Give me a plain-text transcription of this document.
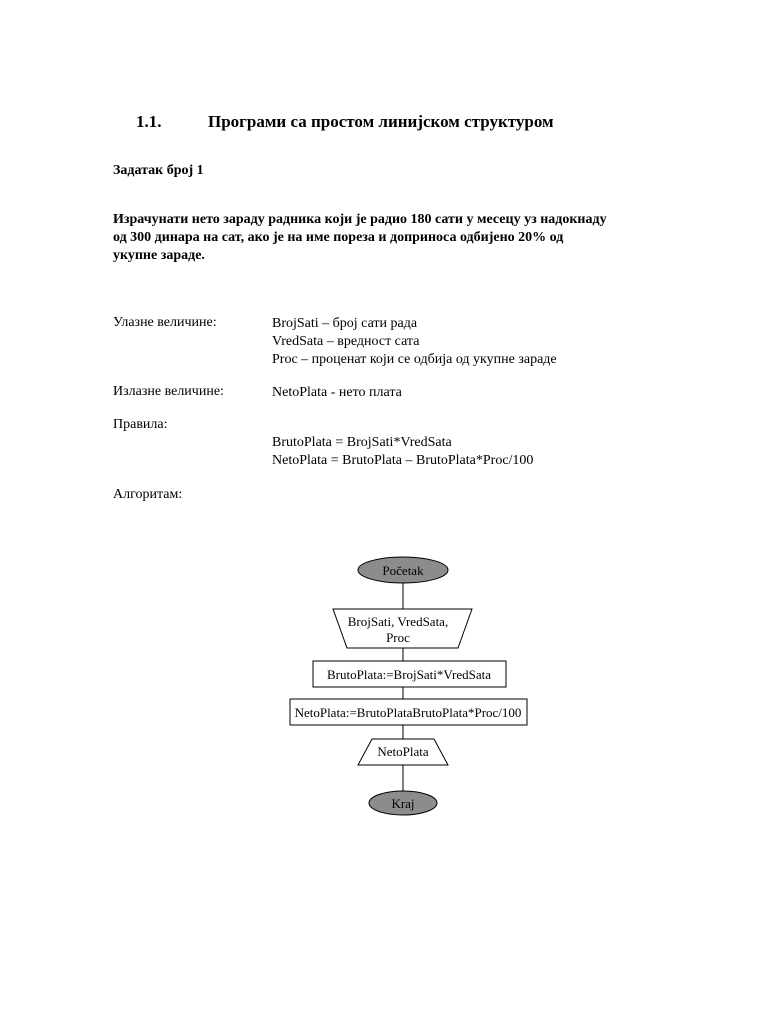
1.1.	Програми са простом линијском структуром
Задатак број 1
Израчунати нето зараду радника који је радио 180 сати у месецу уз надокнаду
од 300 динара на сат, ако је на име пореза и доприноса одбијено 20% од
укупне зараде.
Улазне величине:	BrojSati – број сати рада
VredSata – вредност сата
Proc – проценат који се одбија од укупне зараде
Излазне величине:	NetoPlata - нето плата
Правила:
BrutoPlata = BrojSati*VredSata
NetoPlata = BrutoPlata – BrutoPlata*Proc/100
Алгоритам:
Početak
BrojSati, VredSata,
Proc
BrutoPlata:=BrojSati*VredSata
NetoPlata:=BrutoPlataBrutoPlata*Proc/100
NetoPlata
Kraj
